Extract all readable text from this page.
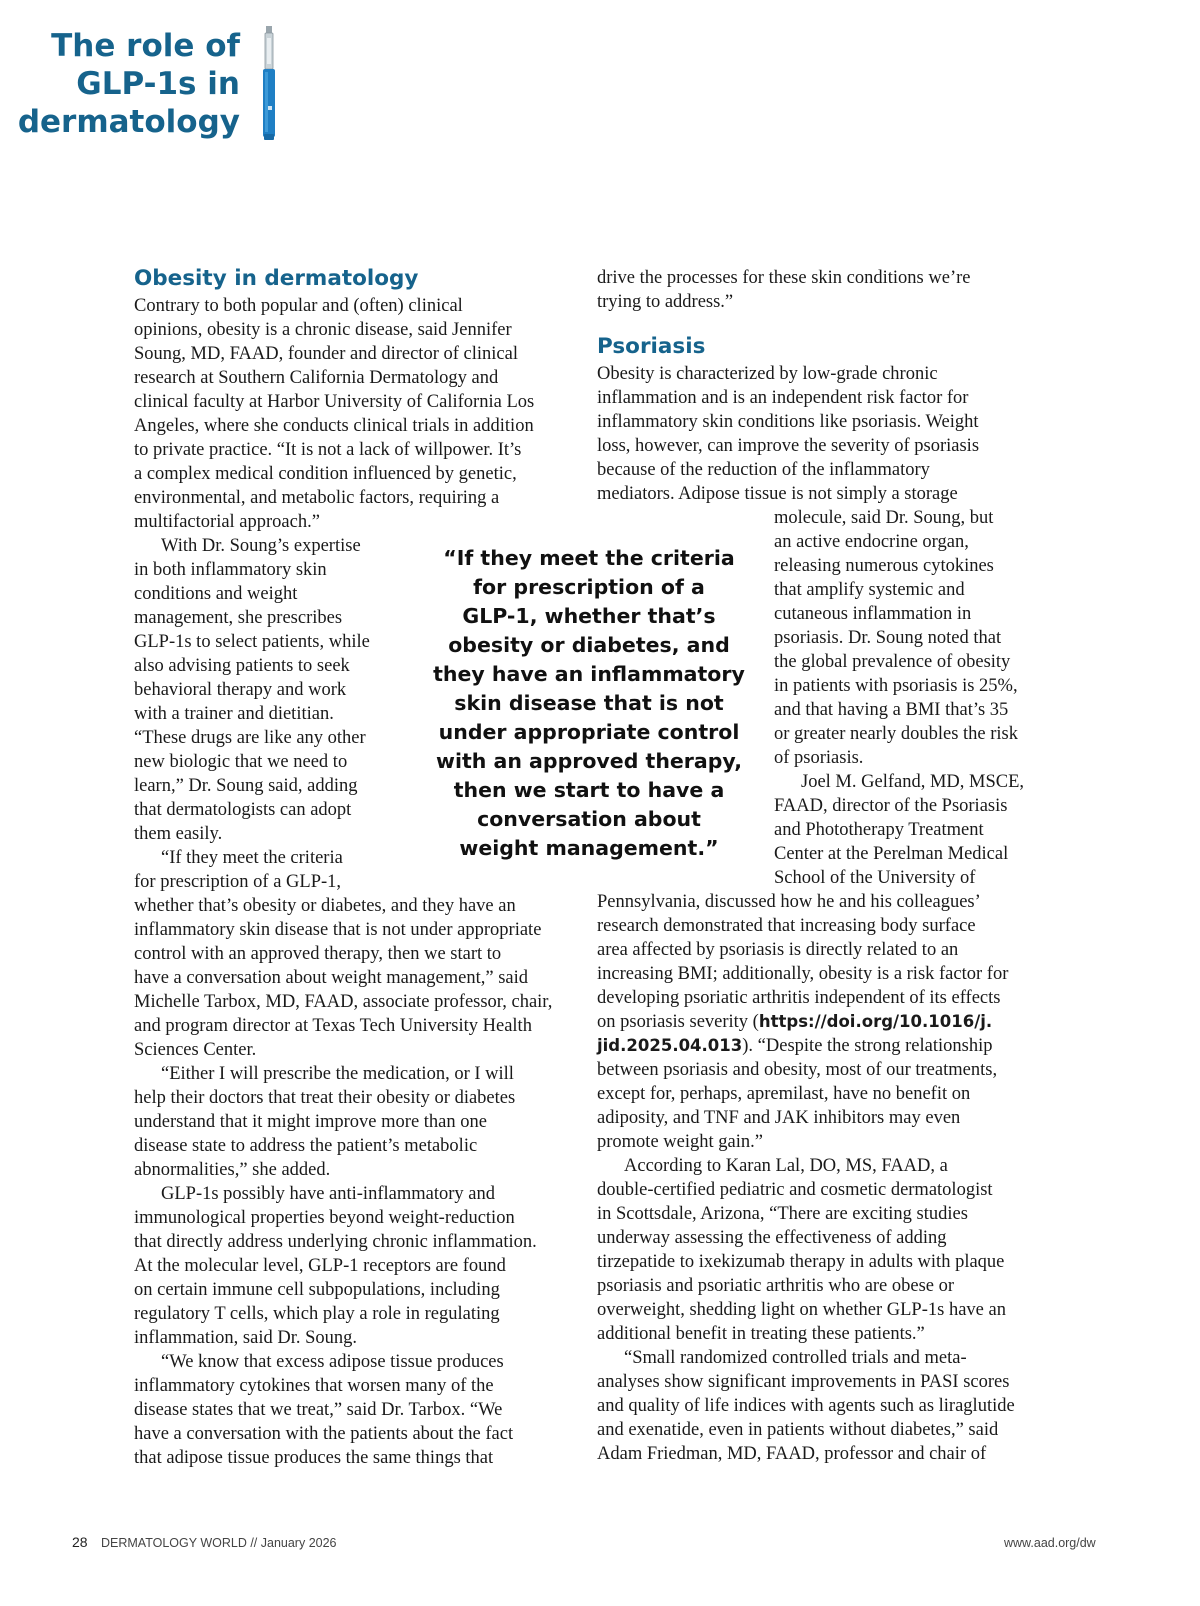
The role of
GLP-1s in
dermatology
Obesity in dermatology
Psoriasis
Contrary to both popular and (often) clinical
opinions, obesity is a chronic disease, said Jennifer
Soung, MD, FAAD, founder and director of clinical
research at Southern California Dermatology and
clinical faculty at Harbor University of California Los
Angeles, where she conducts clinical trials in addition
to private practice. “It is not a lack of willpower. It’s
a complex medical condition influenced by genetic,
environmental, and metabolic factors, requiring a
multifactorial approach.”
With Dr. Soung’s expertise
in both inflammatory skin
conditions and weight
management, she prescribes
GLP-1s to select patients, while
also advising patients to seek
behavioral therapy and work
with a trainer and dietitian.
“These drugs are like any other
new biologic that we need to
learn,” Dr. Soung said, adding
that dermatologists can adopt
them easily.
“If they meet the criteria
for prescription of a GLP-1,
whether that’s obesity or diabetes, and they have an
inflammatory skin disease that is not under appropriate
control with an approved therapy, then we start to
have a conversation about weight management,” said
Michelle Tarbox, MD, FAAD, associate professor, chair,
and program director at Texas Tech University Health
Sciences Center.
“Either I will prescribe the medication, or I will
help their doctors that treat their obesity or diabetes
understand that it might improve more than one
disease state to address the patient’s metabolic
abnormalities,” she added.
GLP-1s possibly have anti-inflammatory and
immunological properties beyond weight-reduction
that directly address underlying chronic inflammation.
At the molecular level, GLP-1 receptors are found
on certain immune cell subpopulations, including
regulatory T cells, which play a role in regulating
inflammation, said Dr. Soung.
“We know that excess adipose tissue produces
inflammatory cytokines that worsen many of the
disease states that we treat,” said Dr. Tarbox. “We
have a conversation with the patients about the fact
that adipose tissue produces the same things that
drive the processes for these skin conditions we’re
trying to address.”
Obesity is characterized by low-grade chronic
inflammation and is an independent risk factor for
inflammatory skin conditions like psoriasis. Weight
loss, however, can improve the severity of psoriasis
because of the reduction of the inflammatory
mediators. Adipose tissue is not simply a storage
molecule, said Dr. Soung, but
an active endocrine organ,
releasing numerous cytokines
that amplify systemic and
cutaneous inflammation in
psoriasis. Dr. Soung noted that
the global prevalence of obesity
in patients with psoriasis is 25%,
and that having a BMI that’s 35
or greater nearly doubles the risk
of psoriasis.
Joel M. Gelfand, MD, MSCE,
FAAD, director of the Psoriasis
and Phototherapy Treatment
Center at the Perelman Medical
School of the University of
Pennsylvania, discussed how he and his colleagues’
research demonstrated that increasing body surface
area affected by psoriasis is directly related to an
increasing BMI; additionally, obesity is a risk factor for
developing psoriatic arthritis independent of its effects
on psoriasis severity (https://doi.org/10.1016/j.
jid.2025.04.013). “Despite the strong relationship
between psoriasis and obesity, most of our treatments,
except for, perhaps, apremilast, have no benefit on
adiposity, and TNF and JAK inhibitors may even
promote weight gain.”
According to Karan Lal, DO, MS, FAAD, a
double-certified pediatric and cosmetic dermatologist
in Scottsdale, Arizona, “There are exciting studies
underway assessing the effectiveness of adding
tirzepatide to ixekizumab therapy in adults with plaque
psoriasis and psoriatic arthritis who are obese or
overweight, shedding light on whether GLP-1s have an
additional benefit in treating these patients.”
“Small randomized controlled trials and meta-
analyses show significant improvements in PASI scores
and quality of life indices with agents such as liraglutide
and exenatide, even in patients without diabetes,” said
Adam Friedman, MD, FAAD, professor and chair of
“If they meet the criteria
for prescription of a
GLP-1, whether that’s
obesity or diabetes, and
they have an inflammatory
skin disease that is not
under appropriate control
with an approved therapy,
then we start to have a
conversation about
weight management.”
28 DERMATOLOGY WORLD // January 2026	www.aad.org/dw
